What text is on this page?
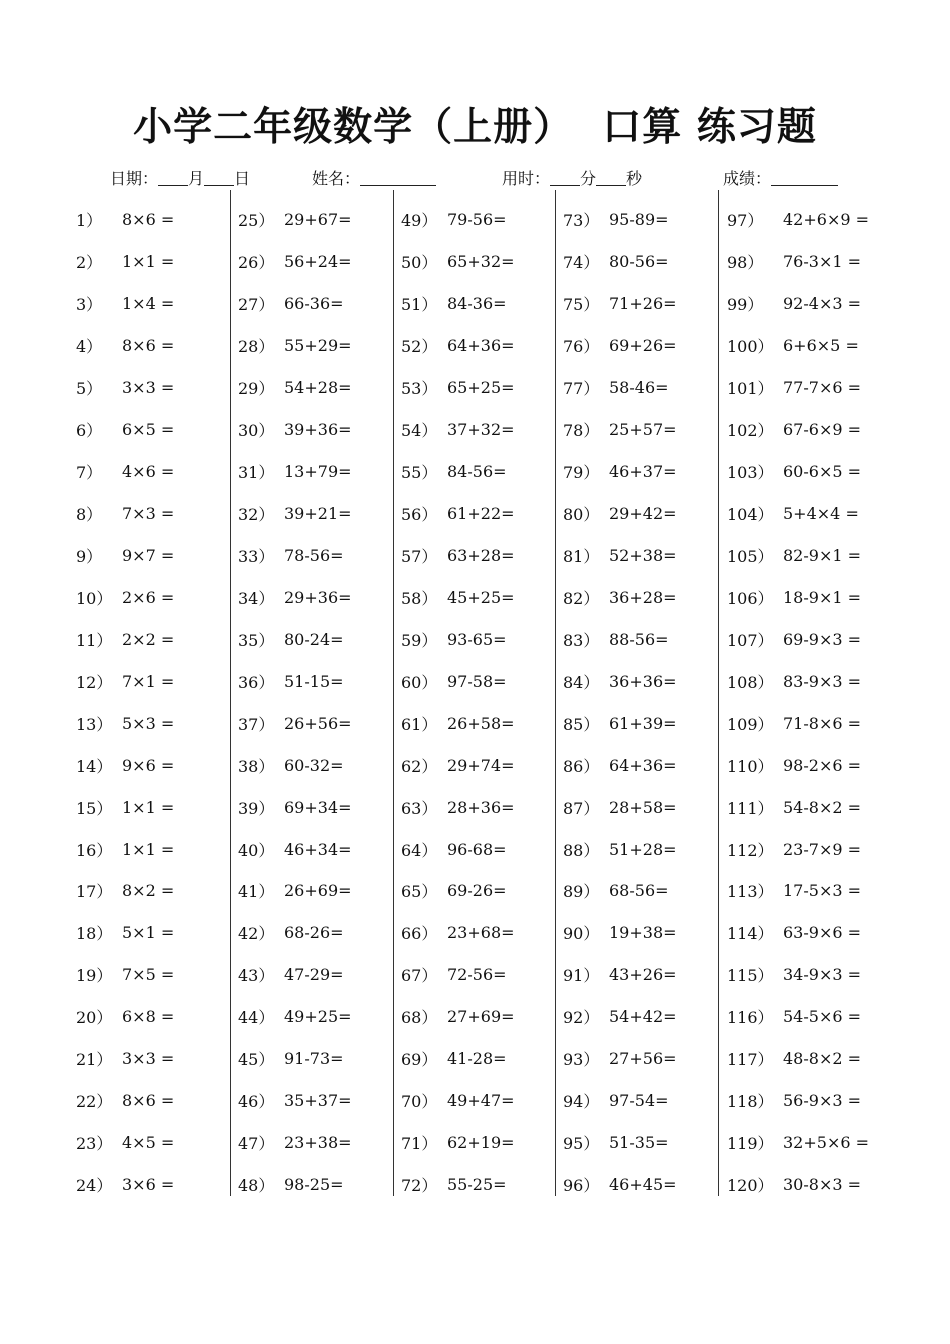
小学二年级数学（上册）  口算 练习题
日期： 月 日	姓名：	用时： 分 秒	成绩：
1）	8×6 =
2）	1×1 =
3）	1×4 =
4）	8×6 =
5）	3×3 =
6）	6×5 =
7）	4×6 =
8）	7×3 =
9）	9×7 =
10） 2×6 =
11） 2×2 =
12） 7×1 =
13） 5×3 =
14） 9×6 =
15） 1×1 =
16） 1×1 =
17） 8×2 =
18） 5×1 =
19） 7×5 =
20） 6×8 =
21） 3×3 =
22） 8×6 =
23） 4×5 =
24） 3×6 =
25） 29+67=
26） 56+24=
27） 66-36=
28） 55+29=
29） 54+28=
30） 39+36=
31） 13+79=
32） 39+21=
33） 78-56=
34） 29+36=
35） 80-24=
36） 51-15=
37） 26+56=
38） 60-32=
39） 69+34=
40） 46+34=
41） 26+69=
42） 68-26=
43） 47-29=
44） 49+25=
45） 91-73=
46） 35+37=
47） 23+38=
48） 98-25=
49） 79-56=
50） 65+32=
51） 84-36=
52） 64+36=
53） 65+25=
54） 37+32=
55） 84-56=
56） 61+22=
57） 63+28=
58） 45+25=
59） 93-65=
60） 97-58=
61） 26+58=
62） 29+74=
63） 28+36=
64） 96-68=
65） 69-26=
66） 23+68=
67） 72-56=
68） 27+69=
69） 41-28=
70） 49+47=
71） 62+19=
72） 55-25=
73） 95-89=
74） 80-56=
75） 71+26=
76） 69+26=
77） 58-46=
78） 25+57=
79） 46+37=
80） 29+42=
81） 52+38=
82） 36+28=
83） 88-56=
84） 36+36=
85） 61+39=
86） 64+36=
87） 28+58=
88） 51+28=
89） 68-56=
90） 19+38=
91） 43+26=
92） 54+42=
93） 27+56=
94） 97-54=
95） 51-35=
96） 46+45=
97）	42+6×9 =
98）	76-3×1 =
99）	92-4×3 =
100） 6+6×5 =
101） 77-7×6 =
102） 67-6×9 =
103） 60-6×5 =
104） 5+4×4 =
105） 82-9×1 =
106） 18-9×1 =
107） 69-9×3 =
108） 83-9×3 =
109） 71-8×6 =
110） 98-2×6 =
111） 54-8×2 =
112） 23-7×9 =
113） 17-5×3 =
114） 63-9×6 =
115） 34-9×3 =
116） 54-5×6 =
117） 48-8×2 =
118） 56-9×3 =
119） 32+5×6 =
120） 30-8×3 =
